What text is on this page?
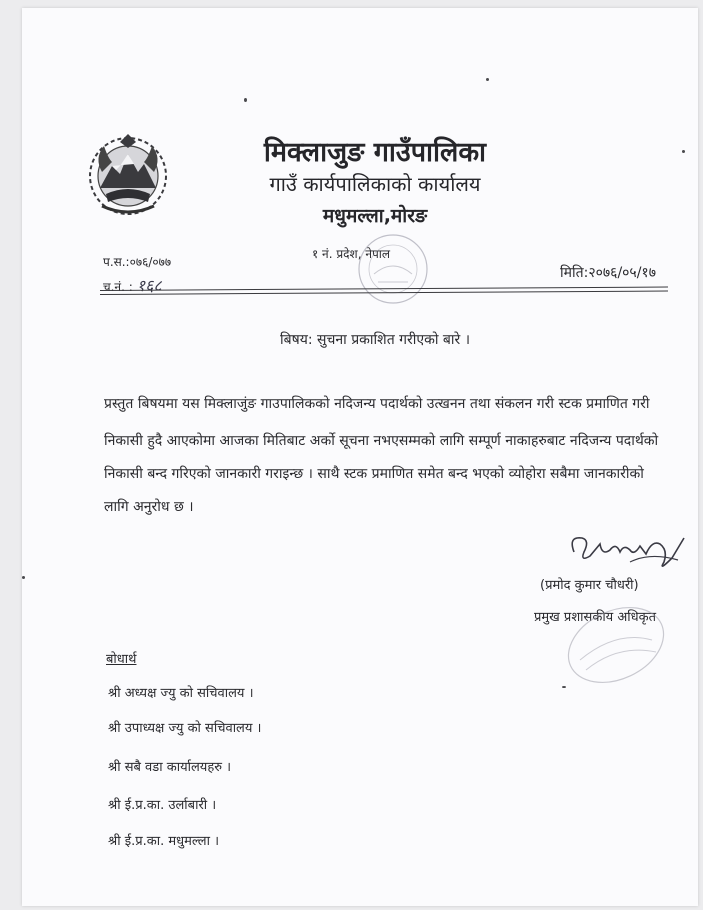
मिक्लाजुङ गाउँपालिका
गाउँ कार्यपालिकाको कार्यालय
मधुमल्ला,मोरङ
प.स.:०७६/०७७
च.नं. : १६८
१ नं. प्रदेश, नेपाल
मिति:२०७६/०५/१७
बिषय: सुचना प्रकाशित गरीएको बारे ।
प्रस्तुत बिषयमा यस मिक्लाजुंङ गाउपालिकको नदिजन्य पदार्थको उत्खनन तथा संकलन गरी स्टक प्रमाणित गरी
निकासी हुदै आएकोमा आजका मितिबाट अर्को सूचना नभएसम्मको लागि सम्पूर्ण नाकाहरुबाट नदिजन्य पदार्थको
निकासी बन्द गरिएको जानकारी गराइन्छ । साथै स्टक प्रमाणित समेत बन्द भएको व्योहोरा सबैमा जानकारीको
लागि अनुरोध छ ।
(प्रमोद कुमार चौधरी)
प्रमुख प्रशासकीय अधिकृत
बोधार्थ
श्री अध्यक्ष ज्यु को सचिवालय ।
श्री उपाध्यक्ष ज्यु को सचिवालय ।
श्री सबै वडा कार्यालयहरु ।
श्री ई.प्र.का. उर्लाबारी ।
श्री ई.प्र.का. मधुमल्ला ।
